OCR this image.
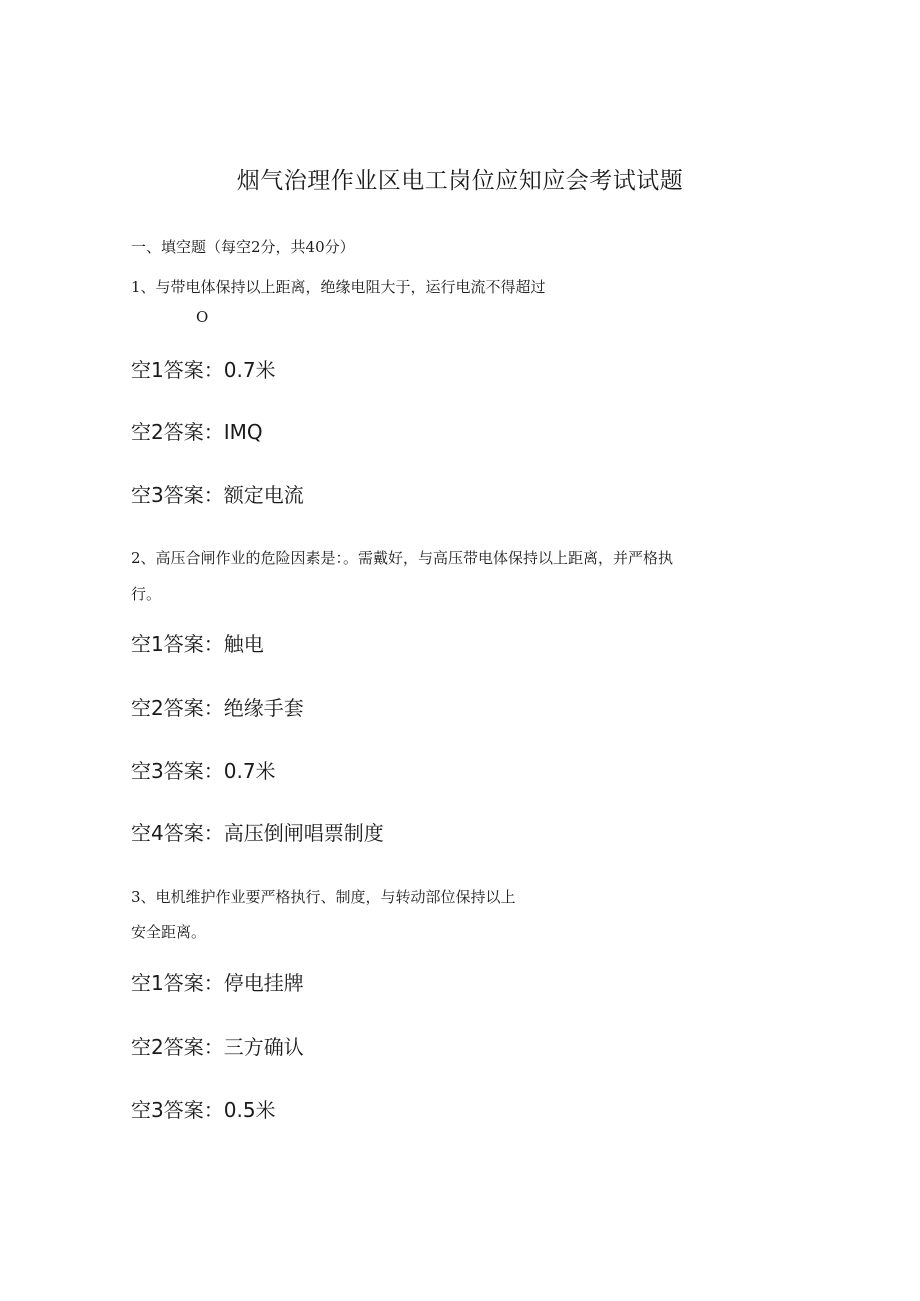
烟气治理作业区电工岗位应知应会考试试题
一、填空题（每空2分，共40分）
1、与带电体保持以上距离，绝缘电阻大于，运行电流不得超过
O
空1答案：0.7米
空2答案：IMQ
空3答案：额定电流
2、高压合闸作业的危险因素是：。需戴好，与高压带电体保持以上距离，并严格执
行。
空1答案：触电
空2答案：绝缘手套
空3答案：0.7米
空4答案：高压倒闸唱票制度
3、电机维护作业要严格执行、制度，与转动部位保持以上
安全距离。
空1答案：停电挂牌
空2答案：三方确认
空3答案：0.5米
